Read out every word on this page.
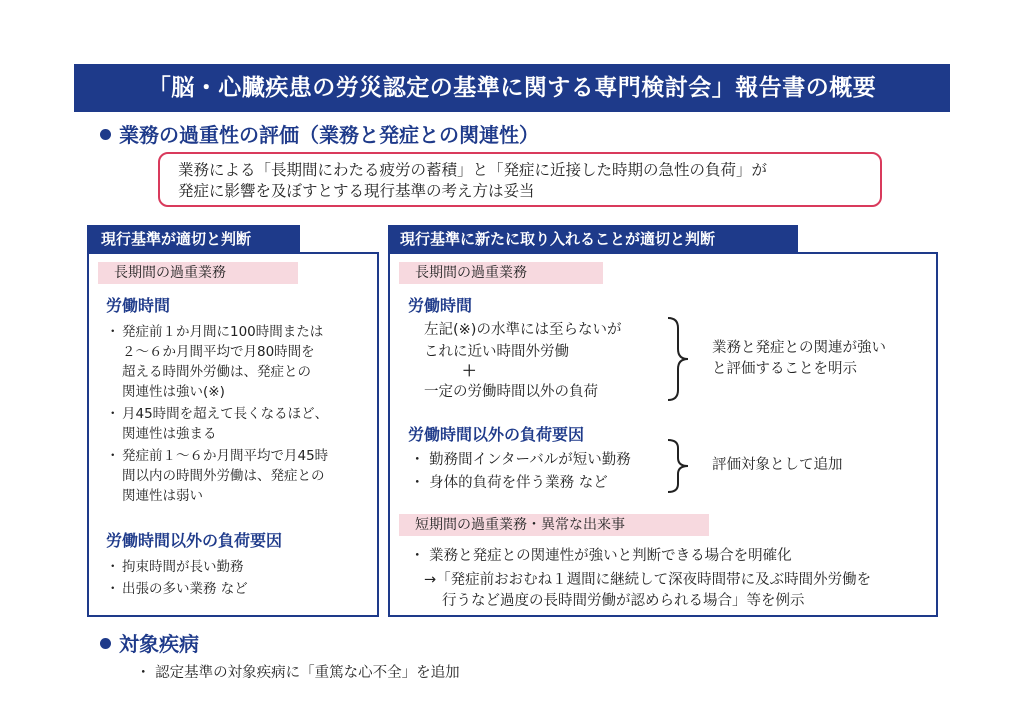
「脳・心臓疾患の労災認定の基準に関する専門検討会」報告書の概要
業務の過重性の評価（業務と発症との関連性）
業務による「長期間にわたる疲労の蓄積」と「発症に近接した時期の急性の負荷」が
発症に影響を及ぼすとする現行基準の考え方は妥当
現行基準が適切と判断
長期間の過重業務
労働時間
・ 発症前１か月間に100時間または
２～６か月間平均で月80時間を
超える時間外労働は、発症との
関連性は強い(※)
・ 月45時間を超えて長くなるほど、
関連性は強まる
・ 発症前１～６か月間平均で月45時
間以内の時間外労働は、発症との
関連性は弱い
労働時間以外の負荷要因
・ 拘束時間が長い勤務
・ 出張の多い業務 など
現行基準に新たに取り入れることが適切と判断
長期間の過重業務
労働時間
左記(※)の水準には至らないが
これに近い時間外労働
＋
一定の労働時間以外の負荷
業務と発症との関連が強い
と評価することを明示
労働時間以外の負荷要因
・ 勤務間インターバルが短い勤務
・ 身体的負荷を伴う業務 など
評価対象として追加
短期間の過重業務・異常な出来事
・ 業務と発症との関連性が強いと判断できる場合を明確化
→「発症前おおむね１週間に継続して深夜時間帯に及ぶ時間外労働を
行うなど過度の長時間労働が認められる場合」等を例示
対象疾病
・ 認定基準の対象疾病に「重篤な心不全」を追加
